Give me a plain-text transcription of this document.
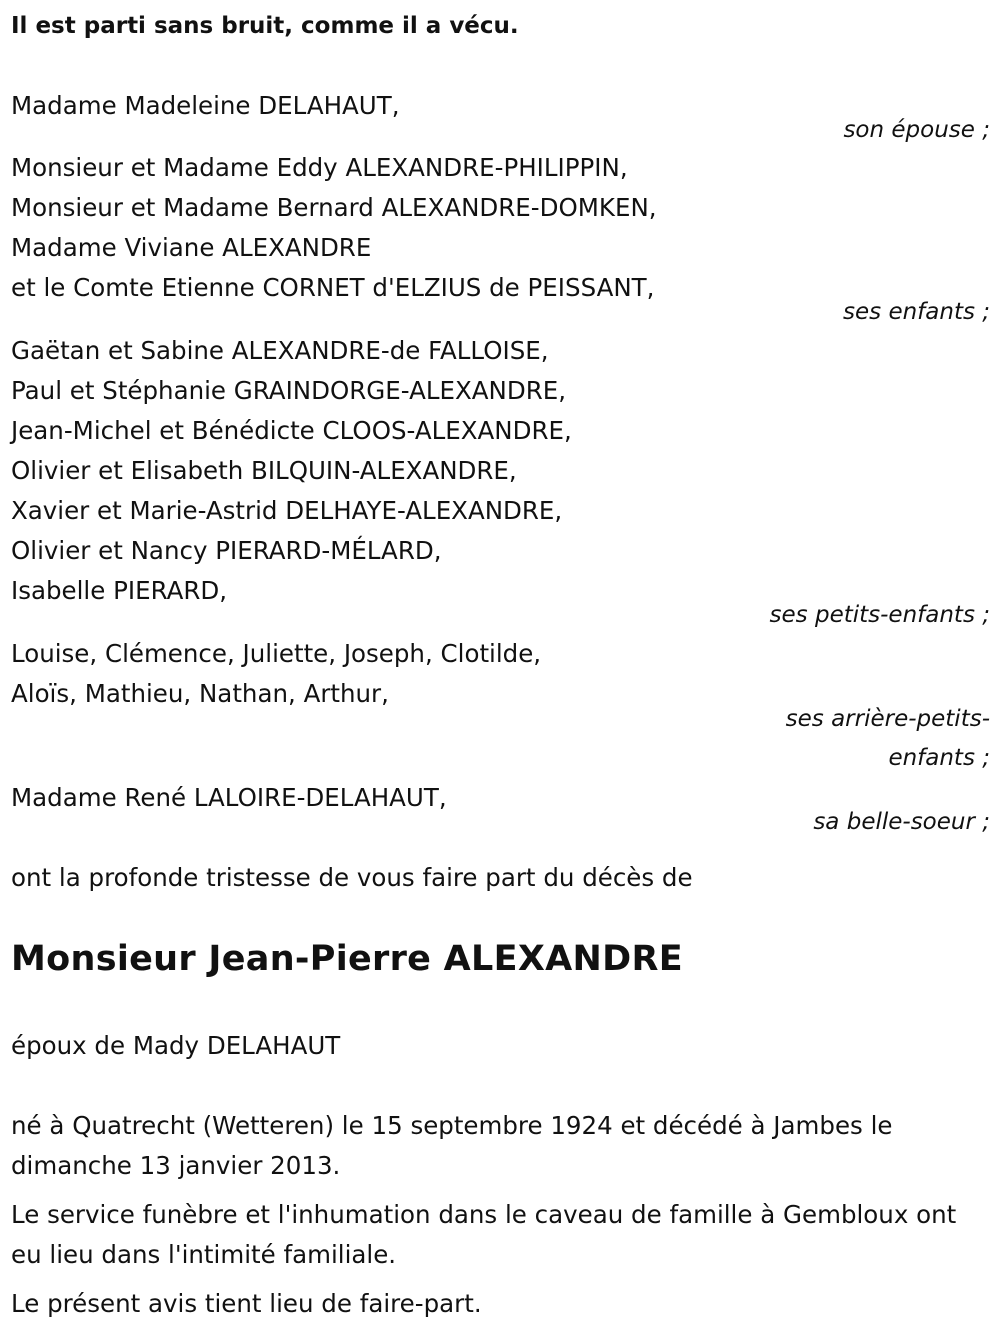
Il est parti sans bruit, comme il a vécu.

Madame Madeleine DELAHAUT,
son épouse ;
Monsieur et Madame Eddy ALEXANDRE-PHILIPPIN,
Monsieur et Madame Bernard ALEXANDRE-DOMKEN,
Madame Viviane ALEXANDRE
et le Comte Etienne CORNET d'ELZIUS de PEISSANT,
ses enfants ;
Gaëtan et Sabine ALEXANDRE-de FALLOISE,
Paul et Stéphanie GRAINDORGE-ALEXANDRE,
Jean-Michel et Bénédicte CLOOS-ALEXANDRE,
Olivier et Elisabeth BILQUIN-ALEXANDRE,
Xavier et Marie-Astrid DELHAYE-ALEXANDRE,
Olivier et Nancy PIERARD-MÉLARD,
Isabelle PIERARD,
ses petits-enfants ;
Louise, Clémence, Juliette, Joseph, Clotilde,
Aloïs, Mathieu, Nathan, Arthur,
ses arrière-petits-
enfants ;
Madame René LALOIRE-DELAHAUT,
sa belle-soeur ;

ont la profonde tristesse de vous faire part du décès de

Monsieur Jean-Pierre ALEXANDRE

époux de Mady DELAHAUT

né à Quatrecht (Wetteren) le 15 septembre 1924 et décédé à Jambes le dimanche 13 janvier 2013.

Le service funèbre et l'inhumation dans le caveau de famille à Gembloux ont eu lieu dans l'intimité familiale.

Le présent avis tient lieu de faire-part.
